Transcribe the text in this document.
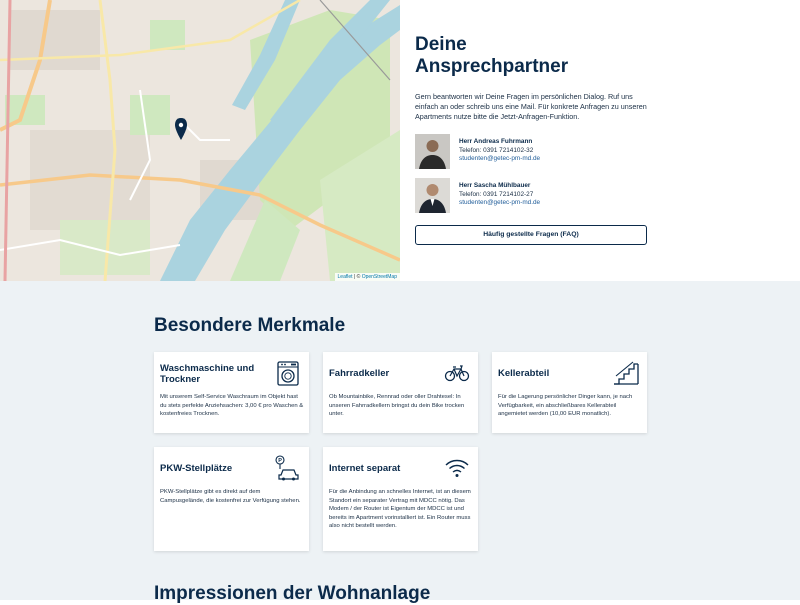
Leaflet | © OpenStreetMap
Deine Ansprechpartner

Gern beantworten wir Deine Fragen im persönlichen Dialog. Ruf uns einfach an oder schreib uns eine Mail. Für konkrete Anfragen zu unseren Apartments nutze bitte die Jetzt-Anfragen-Funktion.

Herr Andreas Fuhrmann
Telefon: 0391 7214102-32
studenten@getec-pm-md.de
Herr Sascha Mühlbauer
Telefon: 0391 7214102-27
studenten@getec-pm-md.de
Häufig gestellte Fragen (FAQ)
Besondere Merkmale
Waschmaschine und Trockner
Mit unserem Self-Service Waschraum im Objekt hast du stets perfekte Anziehsachen: 3,00 € pro Waschen & kostenfreies Trocknen.
Fahrradkeller
Ob Mountainbike, Rennrad oder oller Drahtesel: In unseren Fahrradkellern bringst du dein Bike trocken unter.
Kellerabteil
Für die Lagerung persönlicher Dinger kann, je nach Verfügbarkeit, ein abschließbares Kellerabteil angemietet werden (10,00 EUR monatlich).
PKW-Stellplätze
P
PKW-Stellplätze gibt es direkt auf dem Campusgelände, die kostenfrei zur Verfügung stehen.
Internet separat
Für die Anbindung an schnelles Internet, ist an diesem Standort ein separater Vertrag mit MDCC nötig. Das Modem / der Router ist Eigentum der MDCC ist und bereits im Apartment vorinstalliert ist. Ein Router muss also nicht bestellt werden.
Impressionen der Wohnanlage
